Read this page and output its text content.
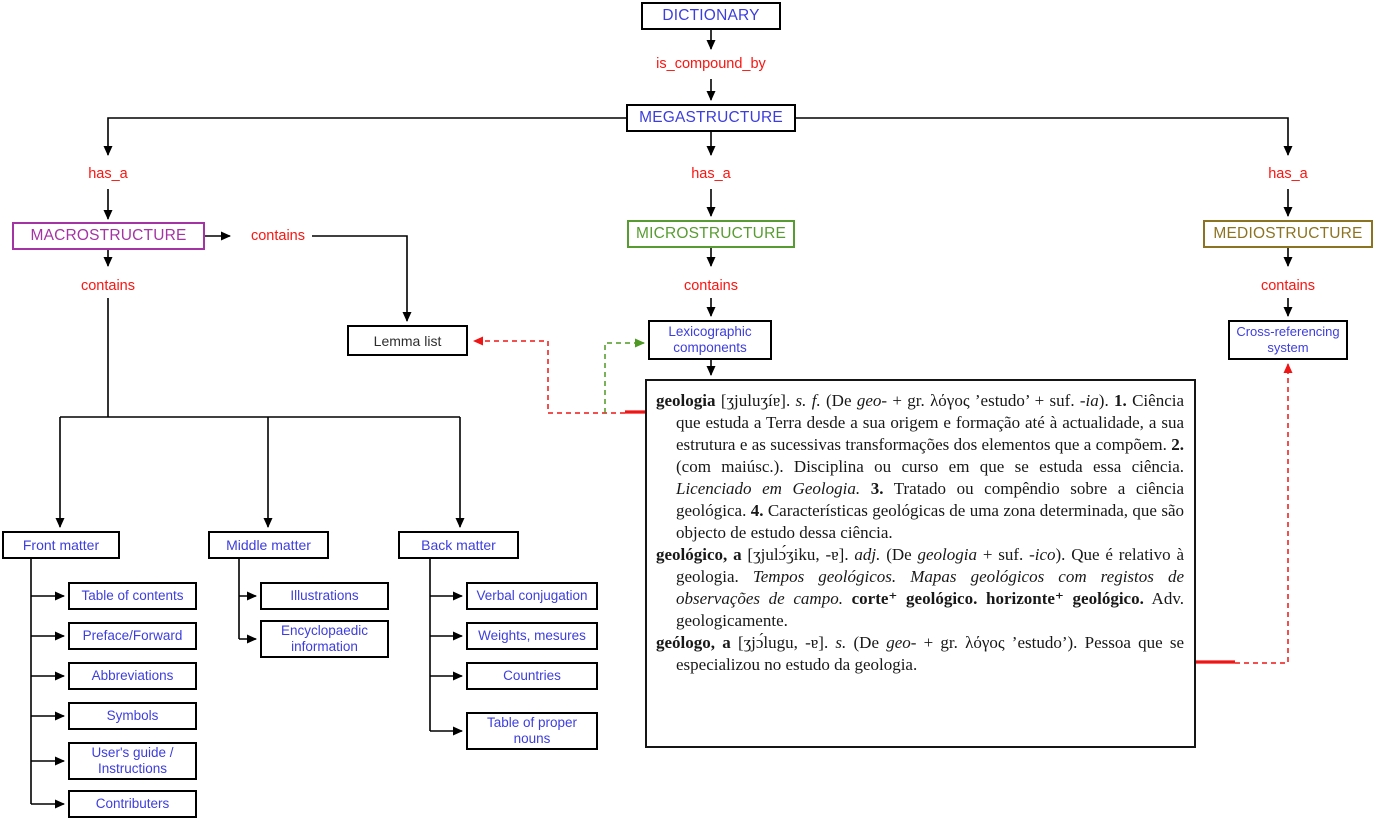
DICTIONARY
is_compound_by
MEGASTRUCTURE
has_a	has_a	has_a
MACROSTRUCTURE	MICROSTRUCTURE	MEDIOSTRUCTURE
contains
contains
contains	contains
Lemma list
Lexicographic components
Cross-referencing system
Front matter	Middle matter	Back matter
Table of contents
Preface/Forward
Abbreviations
Symbols
User's guide / Instructions
Contributers
Illustrations
Encyclopaedic information
Verbal conjugation
Weights, mesures
Countries
Table of proper nouns

geologia [ʒjuluʒíɐ]. s. f. (De geo- + gr. λόγος ’estudo’ + suf. -ia). 1. Ciência que estuda a Terra desde a sua origem e formação até à actualidade, a sua estrutura e as sucessivas transformações dos elementos que a compõem. 2. (com maiúsc.). Disciplina ou curso em que se estuda essa ciência. Licenciado em Geologia. 3. Tratado ou compêndio sobre a ciência geológica. 4. Características geológicas de uma zona determinada, que são objecto de estudo dessa ciência.

geológico, a [ʒjulɔ́ʒiku, -ɐ]. adj. (De geologia + suf. -ico). Que é relativo à geologia. Tempos geológicos. Mapas geológicos com registos de observações de campo. corte⁺ geológico. horizonte⁺ geológico. Adv. geologicamente.

geólogo, a [ʒjɔ́lugu, -ɐ]. s. (De geo- + gr. λόγος ’estudo’). Pessoa que se especializou no estudo da geologia.
